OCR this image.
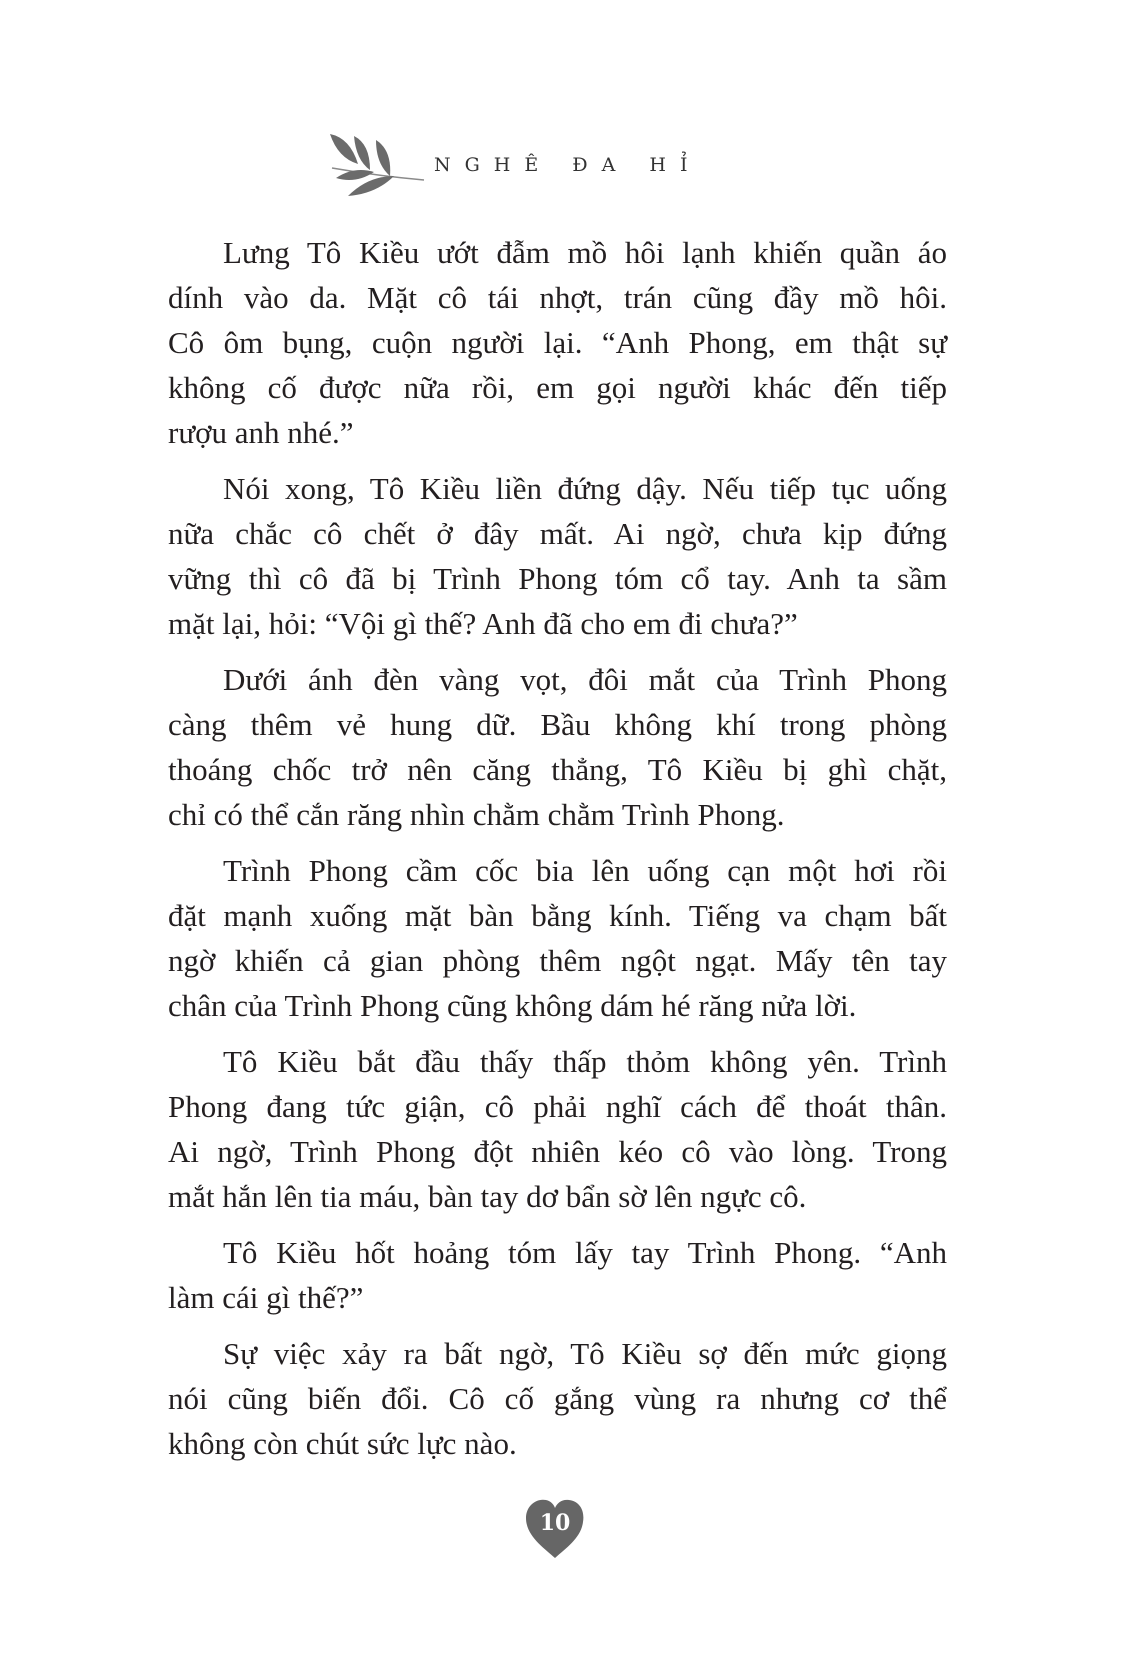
NGHÊ ĐA HỈ
Lưng Tô Kiều ướt đẫm mồ hôi lạnh khiến quần áo
dính vào da. Mặt cô tái nhợt, trán cũng đầy mồ hôi.
Cô ôm bụng, cuộn người lại. “Anh Phong, em thật sự
không cố được nữa rồi, em gọi người khác đến tiếp
rượu anh nhé.”
Nói xong, Tô Kiều liền đứng dậy. Nếu tiếp tục uống
nữa chắc cô chết ở đây mất. Ai ngờ, chưa kịp đứng
vững thì cô đã bị Trình Phong tóm cổ tay. Anh ta sầm
mặt lại, hỏi: “Vội gì thế? Anh đã cho em đi chưa?”
Dưới ánh đèn vàng vọt, đôi mắt của Trình Phong
càng thêm vẻ hung dữ. Bầu không khí trong phòng
thoáng chốc trở nên căng thẳng, Tô Kiều bị ghì chặt,
chỉ có thể cắn răng nhìn chằm chằm Trình Phong.
Trình Phong cầm cốc bia lên uống cạn một hơi rồi
đặt mạnh xuống mặt bàn bằng kính. Tiếng va chạm bất
ngờ khiến cả gian phòng thêm ngột ngạt. Mấy tên tay
chân của Trình Phong cũng không dám hé răng nửa lời.
Tô Kiều bắt đầu thấy thấp thỏm không yên. Trình
Phong đang tức giận, cô phải nghĩ cách để thoát thân.
Ai ngờ, Trình Phong đột nhiên kéo cô vào lòng. Trong
mắt hắn lên tia máu, bàn tay dơ bẩn sờ lên ngực cô.
Tô Kiều hốt hoảng tóm lấy tay Trình Phong. “Anh
làm cái gì thế?”
Sự việc xảy ra bất ngờ, Tô Kiều sợ đến mức giọng
nói cũng biến đổi. Cô cố gắng vùng ra nhưng cơ thể
không còn chút sức lực nào.
10
